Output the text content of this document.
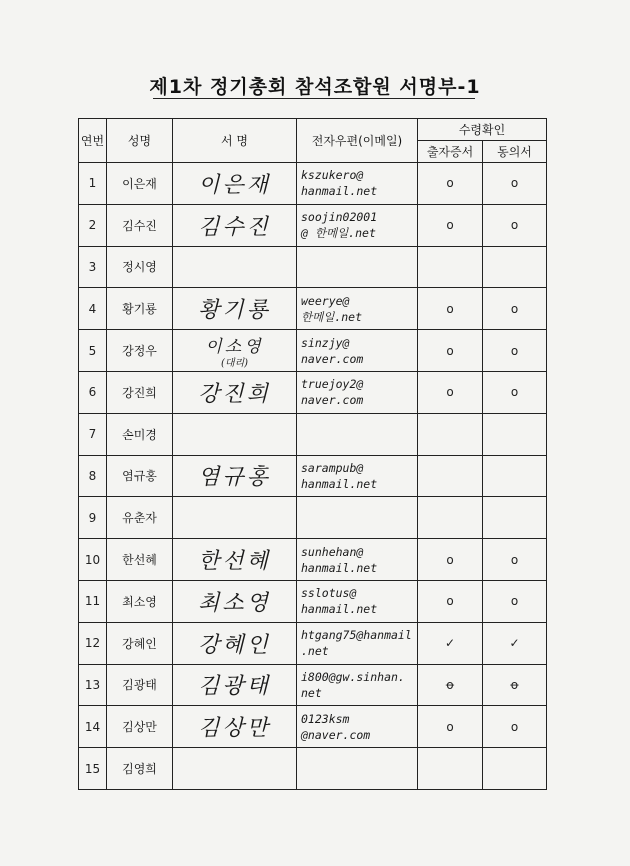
제1차 정기총회 참석조합원 서명부-1
연번	성명	서 명	전자우편(이메일)	수령확인	
				출자증서	동의서
1	이은재	이은재	kszukero@
hanmail.net	o	o
2	김수진	김수진	soojin02001
@ 한메일.net	o	o
3	정시영				
4	황기룡	황기룡	weerye@
한메일.net	o	o
5	강정우	이소영
(대리)	sinzjy@
naver.com	o	o
6	강진희	강진희	truejoy2@
naver.com	o	o
7	손미경				
8	염규홍	염규홍	sarampub@
hanmail.net		
9	유춘자				
10	한선혜	한선혜	sunhehan@
hanmail.net	o	o
11	최소영	최소영	sslotus@
hanmail.net	o	o
12	강혜인	강혜인	htgang75@hanmail
.net	✓	✓
13	김광태	김광태	i800@gw.sinhan.
net	ꝋ	ꝋ
14	김상만	김상만	0123ksm
@naver.com	o	o
15	김영희				
